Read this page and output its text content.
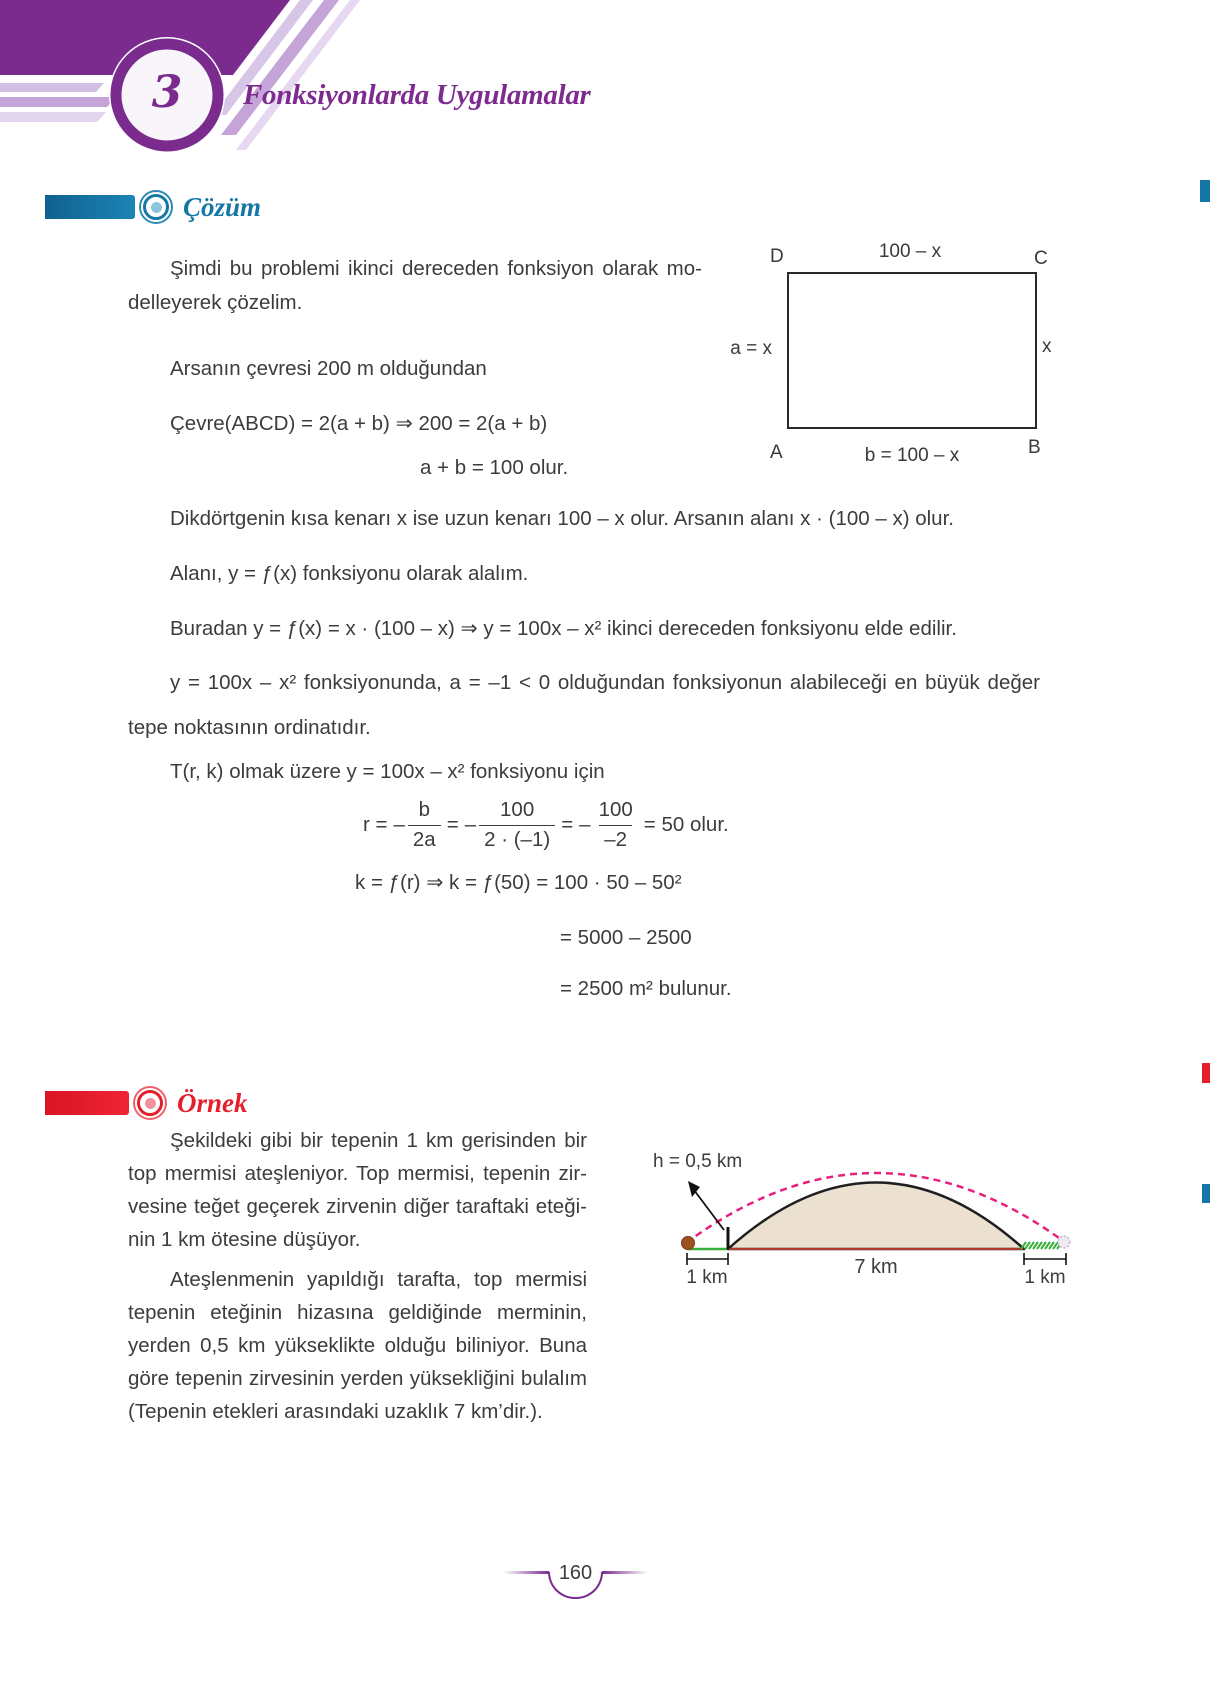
3 Fonksiyonlarda Uygulamalar
Çözüm
Şimdi bu problemi ikinci dereceden fonksiyon olarak mo-
delleyerek çözelim.
Arsanın çevresi 200 m olduğundan
Çevre(ABCD) = 2(a + b) ⇒ 200 = 2(a + b)
a + b = 100 olur.
Dikdörtgenin kısa kenarı x ise uzun kenarı 100 – x olur. Arsanın alanı x · (100 – x) olur.
Alanı, y = ƒ(x) fonksiyonu olarak alalım.
Buradan y = ƒ(x) = x · (100 – x) ⇒ y = 100x – x² ikinci dereceden fonksiyonu elde edilir.
y = 100x – x² fonksiyonunda, a = –1 < 0 olduğundan fonksiyonun alabileceği en büyük değer
tepe noktasının ordinatıdır.
T(r, k) olmak üzere y = 100x – x² fonksiyonu için
r = – $\frac{b}{2a}$ = – $\frac{100}{2 \cdot (-1)}$ = – $\frac{100}{-2} = 50$ olur.
k = ƒ(r) ⇒ k = ƒ(50) = 100 · 50 – 50²
= 5000 – 2500
= 2500 m² bulunur.
D	C
100 – x
a = x	x
A	B
b = 100 – x
Örnek
Şekildeki gibi bir tepenin 1 km gerisinden bir
top mermisi ateşleniyor. Top mermisi, tepenin zir-
vesine teğet geçerek zirvenin diğer taraftaki eteği-
nin 1 km ötesine düşüyor.
Ateşlenmenin yapıldığı tarafta, top mermisi
tepenin eteğinin hizasına geldiğinde merminin,
yerden 0,5 km yükseklikte olduğu biliniyor. Buna
göre tepenin zirvesinin yerden yüksekliğini bulalım
(Tepenin etekleri arasındaki uzaklık 7 km’dir.).
h = 0,5 km
1 km	7 km	1 km
160
